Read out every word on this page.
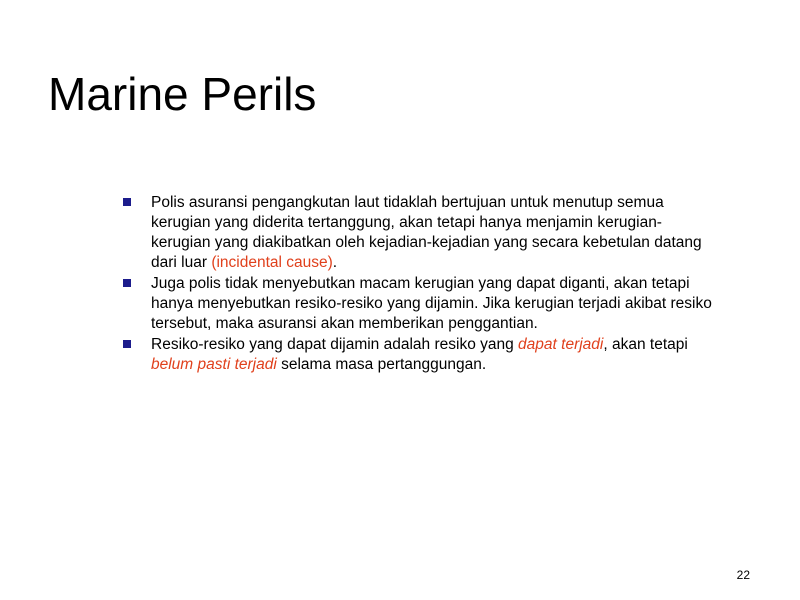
Marine Perils
Polis asuransi pengangkutan laut tidaklah bertujuan untuk menutup semua kerugian yang diderita tertanggung, akan tetapi hanya menjamin kerugian-kerugian yang diakibatkan oleh kejadian-kejadian yang secara kebetulan datang dari luar (incidental cause).
Juga polis tidak menyebutkan macam kerugian yang dapat diganti, akan tetapi hanya menyebutkan resiko-resiko yang dijamin. Jika kerugian terjadi akibat resiko tersebut, maka asuransi akan memberikan penggantian.
Resiko-resiko yang dapat dijamin adalah resiko yang dapat terjadi, akan tetapi belum pasti terjadi selama masa pertanggungan.
22
